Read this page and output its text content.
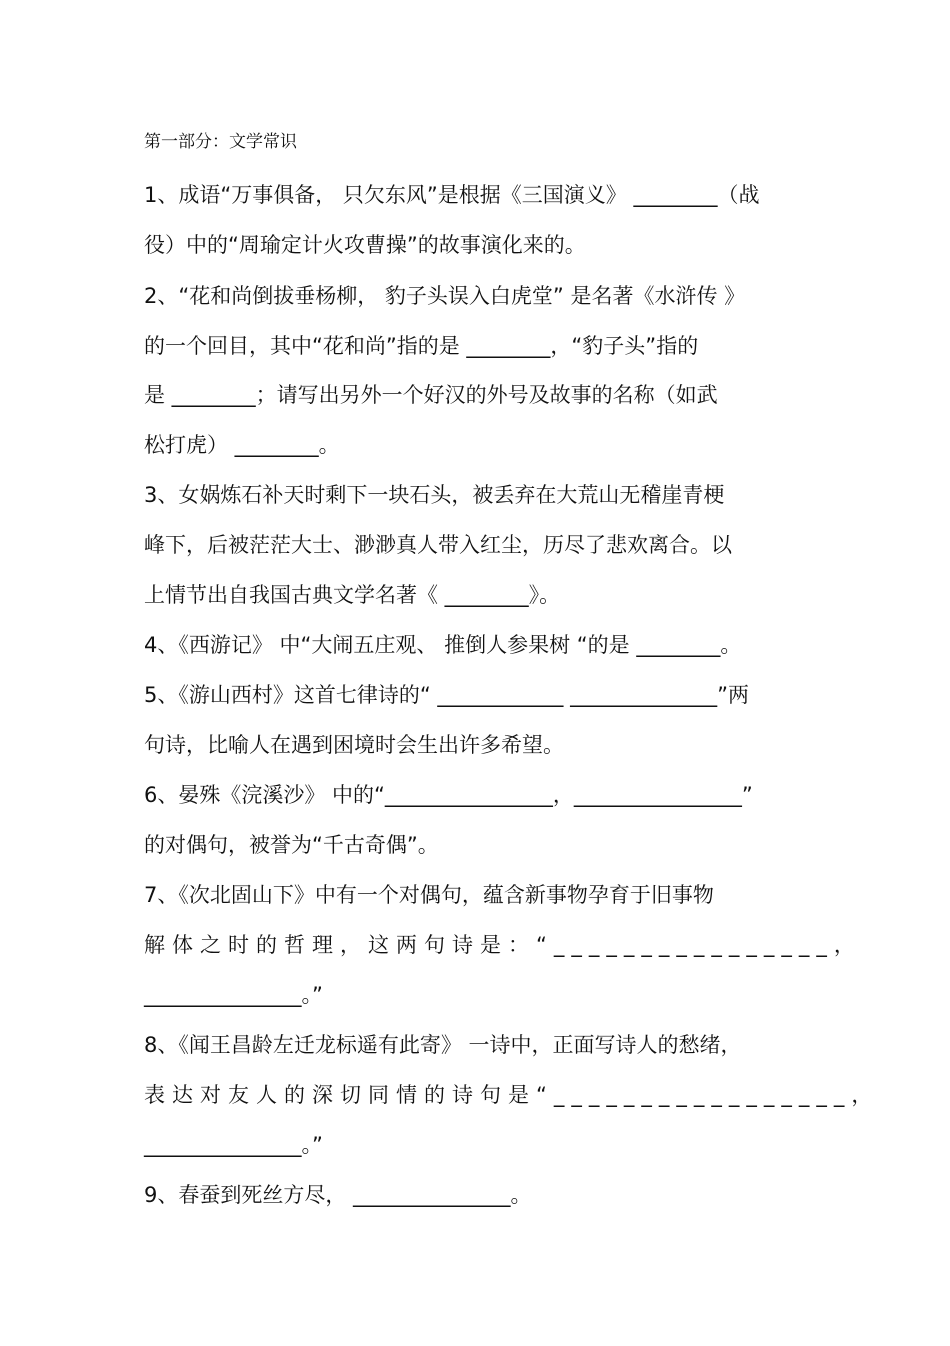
第一部分：文学常识
1、成语“万事俱备， 只欠东风”是根据《三国演义》 ________（战
役）中的“周瑜定计火攻曹操”的故事演化来的。
2、“花和尚倒拔垂杨柳， 豹子头误入白虎堂” 是名著《水浒传 》
的一个回目，其中“花和尚”指的是 ________，“豹子头”指的
是 ________；请写出另外一个好汉的外号及故事的名称（如武
松打虎） ________。
3、女娲炼石补天时剩下一块石头，被丢弃在大荒山无稽崖青梗
峰下，后被茫茫大士、渺渺真人带入红尘，历尽了悲欢离合。以
上情节出自我国古典文学名著《 ________》。
4、《西游记》 中“大闹五庄观、 推倒人参果树 “的是 ________。
5、《游山西村》这首七律诗的“ ____________ ______________”两
句诗，比喻人在遇到困境时会生出许多希望。
6、晏殊《浣溪沙》 中的“________________，________________”
的对偶句，被誉为“千古奇偶”。
7、《次北固山下》中有一个对偶句，蕴含新事物孕育于旧事物
解体之时的哲理，这两句诗是：“________________，
_______________。”
8、《闻王昌龄左迁龙标遥有此寄》 一诗中，正面写诗人的愁绪，
表达对友人的深切同情的诗句是“_________________，
_______________。”
9、春蚕到死丝方尽， _______________。
